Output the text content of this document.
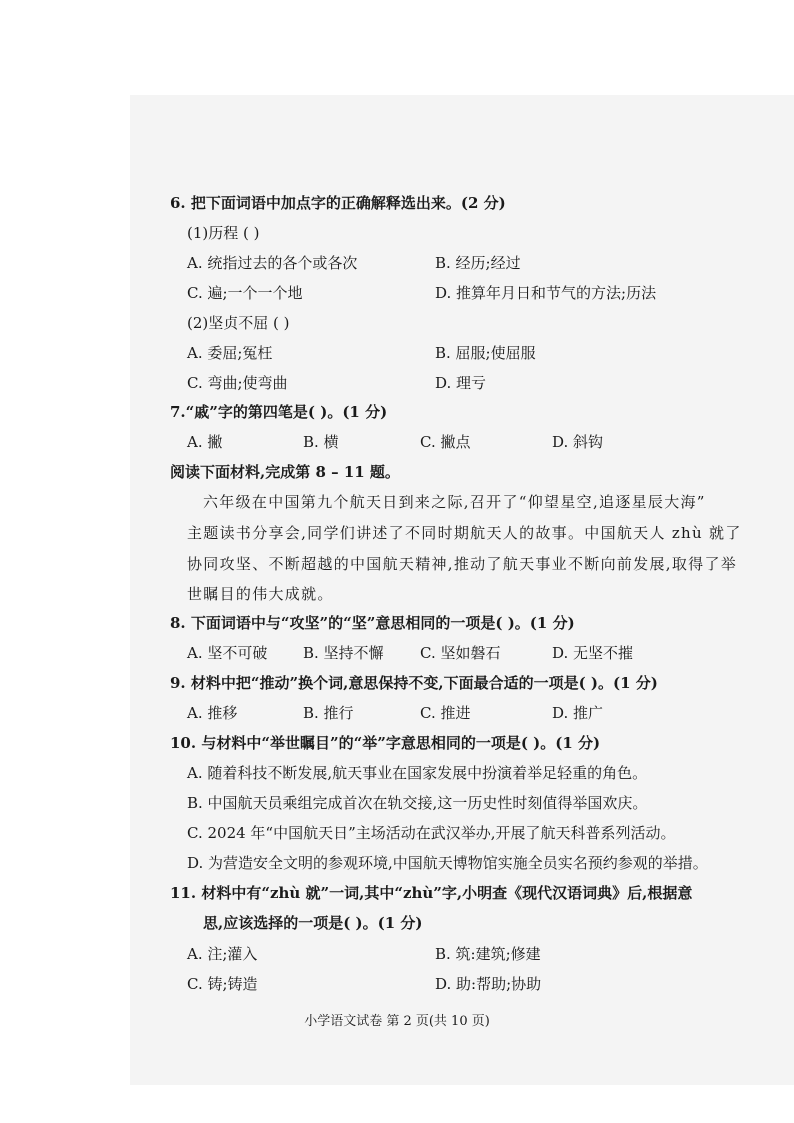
6. 把下面词语中加点字的正确解释选出来。(2 分)
(1)历程 ( )
A. 统指过去的各个或各次	B. 经历;经过
C. 遍;一个一个地	D. 推算年月日和节气的方法;历法
(2)坚贞不屈 ( )
A. 委屈;冤枉	B. 屈服;使屈服
C. 弯曲;使弯曲	D. 理亏
7.“戚”字的第四笔是( )。(1 分)
A. 撇	B. 横	C. 撇点	D. 斜钩
阅读下面材料,完成第 8 – 11 题。
六年级在中国第九个航天日到来之际,召开了“仰望星空,追逐星辰大海”
主题读书分享会,同学们讲述了不同时期航天人的故事。中国航天人 zhù 就了
协同攻坚、不断超越的中国航天精神,推动了航天事业不断向前发展,取得了举
世瞩目的伟大成就。
8. 下面词语中与“攻坚”的“坚”意思相同的一项是( )。(1 分)
A. 坚不可破 B. 坚持不懈 C. 坚如磐石	D. 无坚不摧
9. 材料中把“推动”换个词,意思保持不变,下面最合适的一项是( )。(1 分)
A. 推移	B. 推行	C. 推进	D. 推广
10. 与材料中“举世瞩目”的“举”字意思相同的一项是( )。(1 分)
A. 随着科技不断发展,航天事业在国家发展中扮演着举足轻重的角色。
B. 中国航天员乘组完成首次在轨交接,这一历史性时刻值得举国欢庆。
C. 2024 年“中国航天日”主场活动在武汉举办,开展了航天科普系列活动。
D. 为营造安全文明的参观环境,中国航天博物馆实施全员实名预约参观的举措。
11. 材料中有“zhù 就”一词,其中“zhù”字,小明查《现代汉语词典》后,根据意
思,应该选择的一项是( )。(1 分)
A. 注;灌入	B. 筑:建筑;修建
C. 铸;铸造	D. 助:帮助;协助
小学语文试卷 第 2 页(共 10 页)
